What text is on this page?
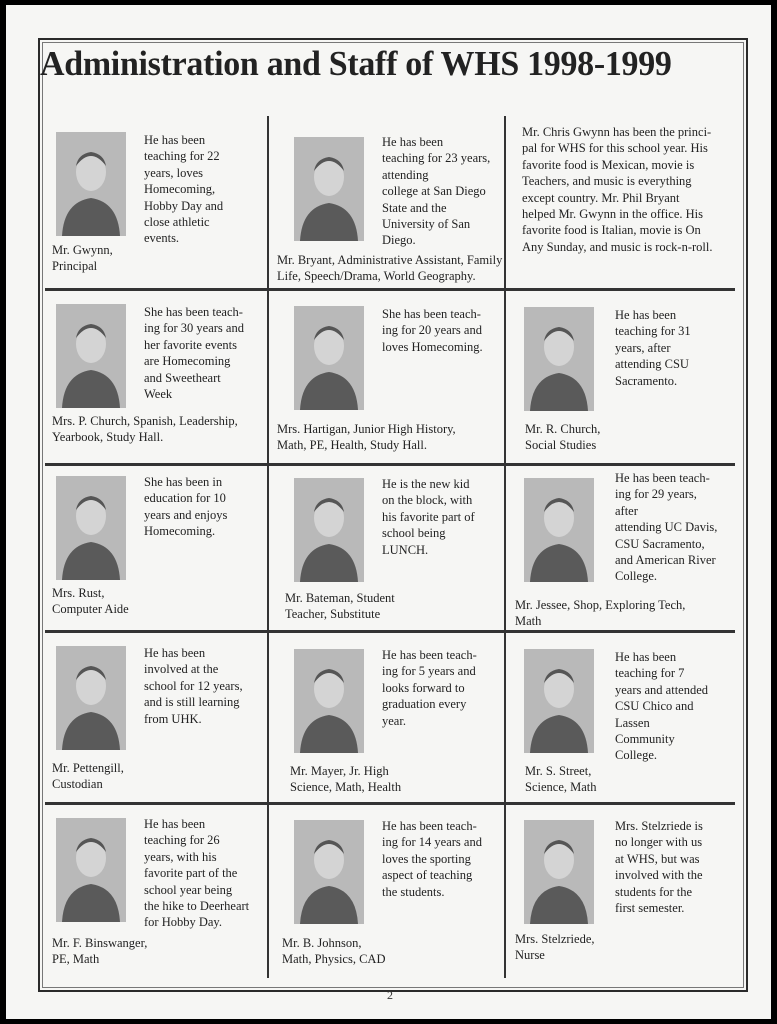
Administration and Staff of WHS 1998-1999
He has been
teaching for 22
years, loves
Homecoming,
Hobby Day and
close athletic
events.
Mr. Gwynn,
Principal
He has been
teaching for 23 years,
attending
college at San Diego
State and the
University of San
Diego.
Mr. Bryant, Administrative Assistant, Family
Life, Speech/Drama, World Geography.
Mr. Chris Gwynn has been the princi-
pal for WHS for this school year. His
favorite food is Mexican, movie is
Teachers, and music is everything
except country. Mr. Phil Bryant
helped Mr. Gwynn in the office. His
favorite food is Italian, movie is On
Any Sunday, and music is rock-n-roll.
She has been teach-
ing for 30 years and
her favorite events
are Homecoming
and Sweetheart
Week
Mrs. P. Church, Spanish, Leadership,
Yearbook, Study Hall.
She has been teach-
ing for 20 years and
loves Homecoming.
Mrs. Hartigan, Junior High History,
Math, PE, Health, Study Hall.
He has been
teaching for 31
years, after
attending CSU
Sacramento.
Mr. R. Church,
Social Studies
She has been in
education for 10
years and enjoys
Homecoming.
Mrs. Rust,
Computer Aide
He is the new kid
on the block, with
his favorite part of
school being
LUNCH.
Mr. Bateman, Student
Teacher, Substitute
He has been teach-
ing for 29 years,
after
attending UC Davis,
CSU Sacramento,
and American River
College.
Mr. Jessee, Shop, Exploring Tech,
Math
He has been
involved at the
school for 12 years,
and is still learning
from UHK.
Mr. Pettengill,
Custodian
He has been teach-
ing for 5 years and
looks forward to
graduation every
year.
Mr. Mayer, Jr. High
Science, Math, Health
He has been
teaching for 7
years and attended
CSU Chico and
Lassen
Community
College.
Mr. S. Street,
Science, Math
He has been
teaching for 26
years, with his
favorite part of the
school year being
the hike to Deerheart
for Hobby Day.
Mr. F. Binswanger,
PE, Math
He has been teach-
ing for 14 years and
loves the sporting
aspect of teaching
the students.
Mr. B. Johnson,
Math, Physics, CAD
Mrs. Stelzriede is
no longer with us
at WHS, but was
involved with the
students for the
first semester.
Mrs. Stelzriede,
Nurse
2
